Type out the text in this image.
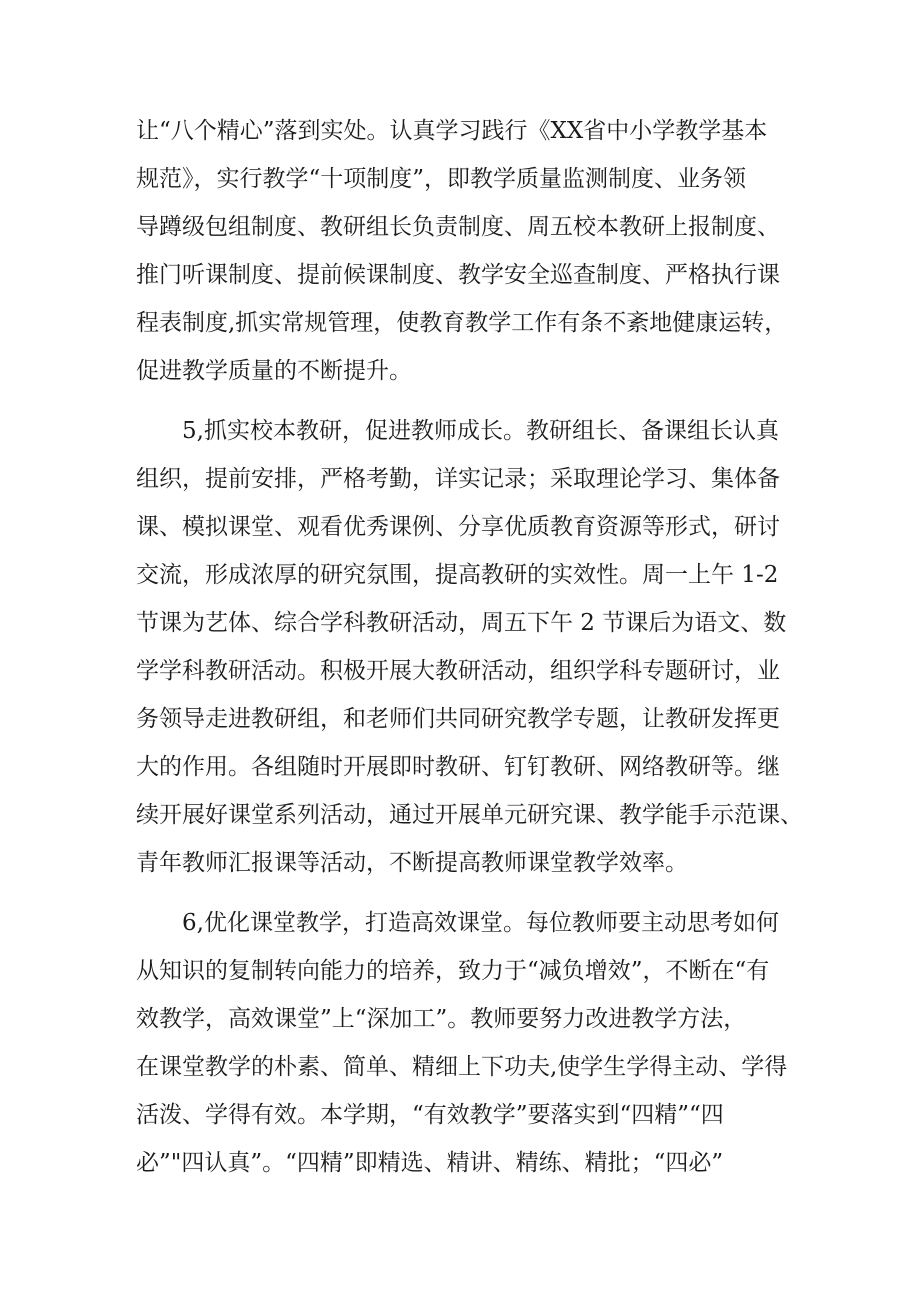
让“八个精心”落到实处。认真学习践行《XX省中小学教学基本
规范》，实行教学“十项制度”，即教学质量监测制度、业务领
导蹲级包组制度、教研组长负责制度、周五校本教研上报制度、
推门听课制度、提前候课制度、教学安全巡查制度、严格执行课
程表制度,抓实常规管理，使教育教学工作有条不紊地健康运转，
促进教学质量的不断提升。
5,抓实校本教研，促进教师成长。教研组长、备课组长认真
组织，提前安排，严格考勤，详实记录；采取理论学习、集体备
课、模拟课堂、观看优秀课例、分享优质教育资源等形式，研讨
交流，形成浓厚的研究氛围，提高教研的实效性。周一上午 1-2
节课为艺体、综合学科教研活动，周五下午 2 节课后为语文、数
学学科教研活动。积极开展大教研活动，组织学科专题研讨，业
务领导走进教研组，和老师们共同研究教学专题，让教研发挥更
大的作用。各组随时开展即时教研、钉钉教研、网络教研等。继
续开展好课堂系列活动，通过开展单元研究课、教学能手示范课、
青年教师汇报课等活动，不断提高教师课堂教学效率。
6,优化课堂教学，打造高效课堂。每位教师要主动思考如何
从知识的复制转向能力的培养，致力于“减负增效”，不断在“有
效教学，高效课堂”上“深加工”。教师要努力改进教学方法，
在课堂教学的朴素、简单、精细上下功夫,使学生学得主动、学得
活泼、学得有效。本学期，“有效教学”要落实到“四精”“四
必”"四认真”。“四精”即精选、精讲、精练、精批；“四必”
